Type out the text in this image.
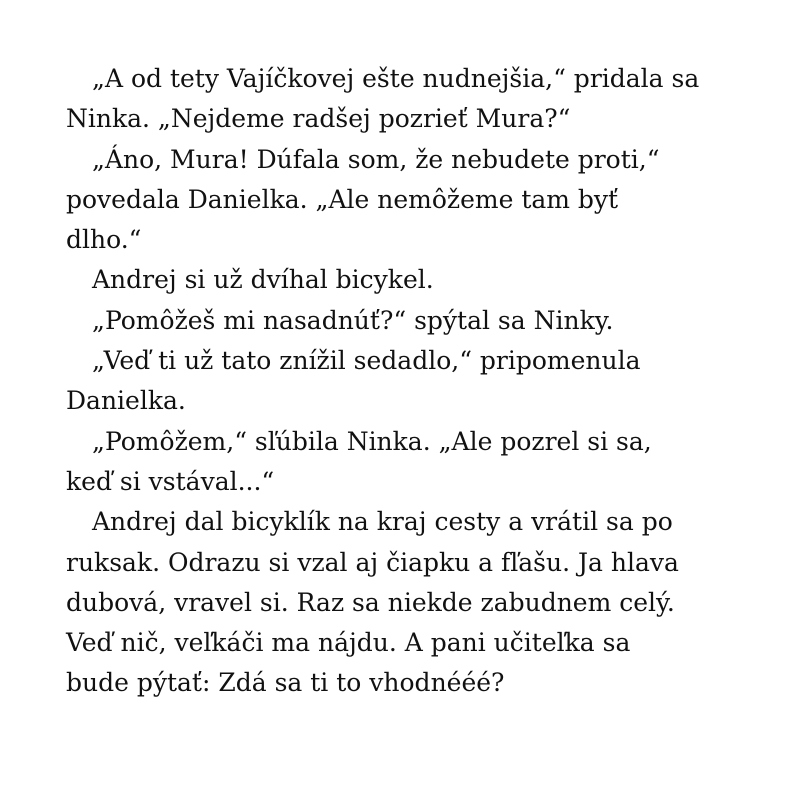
„A od tety Vajíčkovej ešte nudnejšia,“ pridala sa
Ninka. „Nejdeme radšej pozrieť Mura?“
„Áno, Mura! Dúfala som, že nebudete proti,“
povedala Danielka. „Ale nemôžeme tam byť
dlho.“
Andrej si už dvíhal bicykel.
„Pomôžeš mi nasadnúť?“ spýtal sa Ninky.
„Veď ti už tato znížil sedadlo,“ pripomenula
Danielka.
„Pomôžem,“ sľúbila Ninka. „Ale pozrel si sa,
keď si vstával...“
Andrej dal bicyklík na kraj cesty a vrátil sa po
ruksak. Odrazu si vzal aj čiapku a fľašu. Ja hlava
dubová, vravel si. Raz sa niekde zabudnem celý.
Veď nič, veľkáči ma nájdu. A pani učiteľka sa
bude pýtať: Zdá sa ti to vhodnééé?
